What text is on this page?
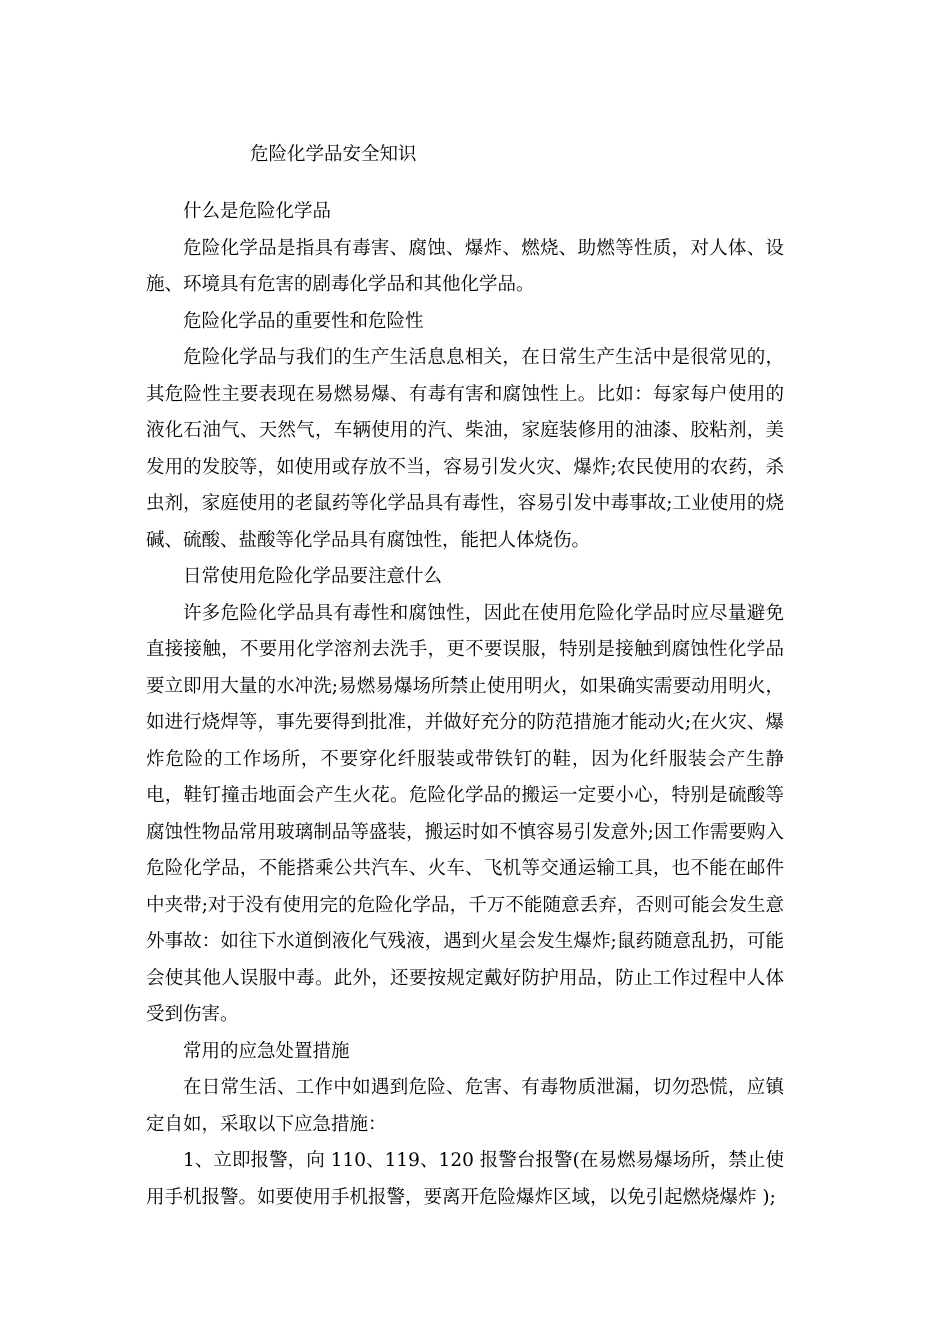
危险化学品安全知识

什么是危险化学品

危险化学品是指具有毒害、腐蚀、爆炸、燃烧、助燃等性质，对人体、设施、环境具有危害的剧毒化学品和其他化学品。

危险化学品的重要性和危险性

危险化学品与我们的生产生活息息相关，在日常生产生活中是很常见的，其危险性主要表现在易燃易爆、有毒有害和腐蚀性上。比如：每家每户使用的液化石油气、天然气，车辆使用的汽、柴油，家庭装修用的油漆、胶粘剂，美发用的发胶等，如使用或存放不当，容易引发火灾、爆炸;农民使用的农药，杀虫剂，家庭使用的老鼠药等化学品具有毒性，容易引发中毒事故;工业使用的烧碱、硫酸、盐酸等化学品具有腐蚀性，能把人体烧伤。

日常使用危险化学品要注意什么

许多危险化学品具有毒性和腐蚀性，因此在使用危险化学品时应尽量避免直接接触，不要用化学溶剂去洗手，更不要误服，特别是接触到腐蚀性化学品要立即用大量的水冲洗;易燃易爆场所禁止使用明火，如果确实需要动用明火，如进行烧焊等，事先要得到批准，并做好充分的防范措施才能动火;在火灾、爆炸危险的工作场所，不要穿化纤服装或带铁钉的鞋，因为化纤服装会产生静电，鞋钉撞击地面会产生火花。危险化学品的搬运一定要小心，特别是硫酸等腐蚀性物品常用玻璃制品等盛装，搬运时如不慎容易引发意外;因工作需要购入危险化学品，不能搭乘公共汽车、火车、飞机等交通运输工具，也不能在邮件中夹带;对于没有使用完的危险化学品，千万不能随意丢弃，否则可能会发生意外事故：如往下水道倒液化气残液，遇到火星会发生爆炸;鼠药随意乱扔，可能会使其他人误服中毒。此外，还要按规定戴好防护用品，防止工作过程中人体受到伤害。

常用的应急处置措施

在日常生活、工作中如遇到危险、危害、有毒物质泄漏，切勿恐慌，应镇定自如，采取以下应急措施：

1、立即报警，向 110、119、120 报警台报警(在易燃易爆场所，禁止使用手机报警。如要使用手机报警，要离开危险爆炸区域，以免引起燃烧爆炸 );
